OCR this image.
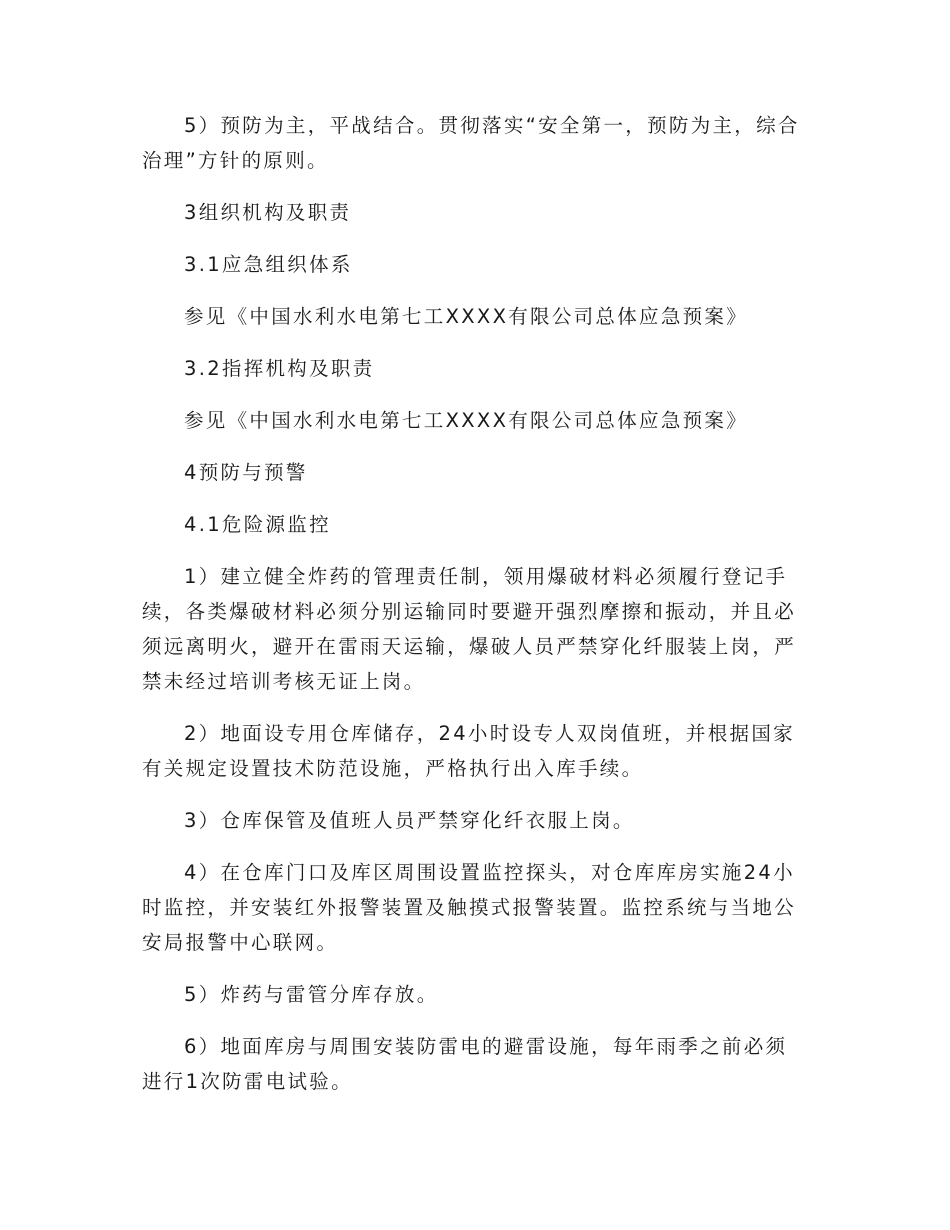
5）预防为主，平战结合。贯彻落实“安全第一，预防为主，综合治理”方针的原则。

3组织机构及职责

3.1应急组织体系

参见《中国水利水电第七工XXXX有限公司总体应急预案》

3.2指挥机构及职责

参见《中国水利水电第七工XXXX有限公司总体应急预案》

4预防与预警

4.1危险源监控

1）建立健全炸药的管理责任制，领用爆破材料必须履行登记手续，各类爆破材料必须分别运输同时要避开强烈摩擦和振动，并且必须远离明火，避开在雷雨天运输，爆破人员严禁穿化纤服装上岗，严禁未经过培训考核无证上岗。

2）地面设专用仓库储存，24小时设专人双岗值班，并根据国家有关规定设置技术防范设施，严格执行出入库手续。

3）仓库保管及值班人员严禁穿化纤衣服上岗。

4）在仓库门口及库区周围设置监控探头，对仓库库房实施24小时监控，并安装红外报警装置及触摸式报警装置。监控系统与当地公安局报警中心联网。

5）炸药与雷管分库存放。

6）地面库房与周围安装防雷电的避雷设施，每年雨季之前必须进行1次防雷电试验。
